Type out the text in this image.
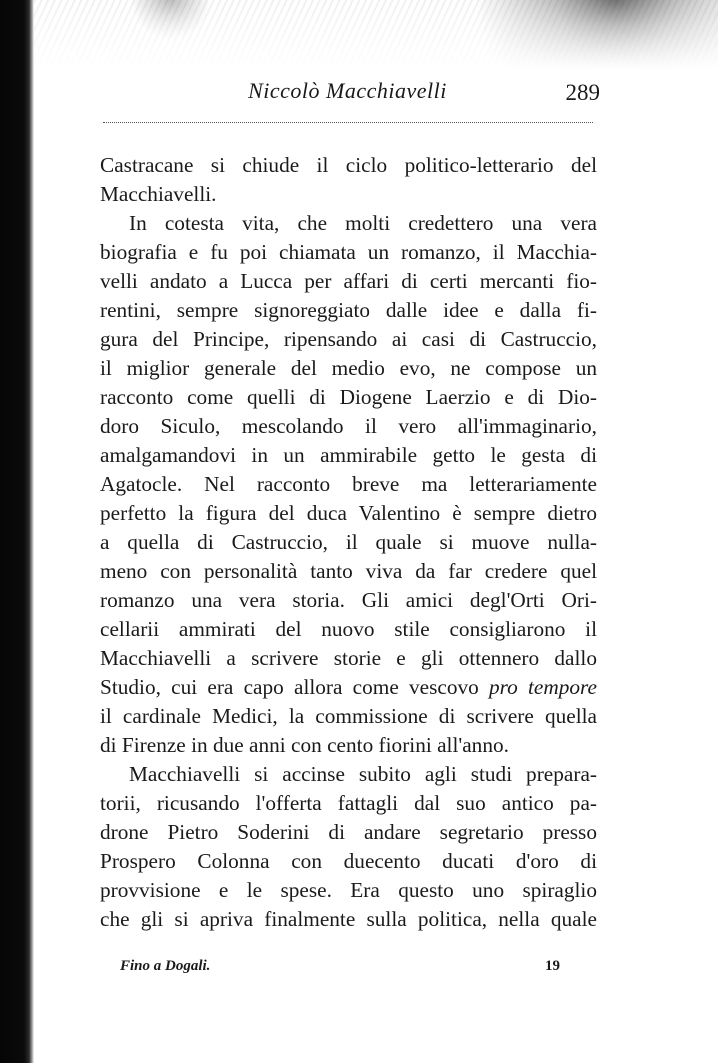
Niccolò Macchiavelli	289
Castracane si chiude il ciclo politico-letterario del
Macchiavelli.
In cotesta vita, che molti credettero una vera
biografia e fu poi chiamata un romanzo, il Macchia-
velli andato a Lucca per affari di certi mercanti fio-
rentini, sempre signoreggiato dalle idee e dalla fi-
gura del Principe, ripensando ai casi di Castruccio,
il miglior generale del medio evo, ne compose un
racconto come quelli di Diogene Laerzio e di Dio-
doro Siculo, mescolando il vero all'immaginario,
amalgamandovi in un ammirabile getto le gesta di
Agatocle. Nel racconto breve ma letterariamente
perfetto la figura del duca Valentino è sempre dietro
a quella di Castruccio, il quale si muove nulla-
meno con personalità tanto viva da far credere quel
romanzo una vera storia. Gli amici degl'Orti Ori-
cellarii ammirati del nuovo stile consigliarono il
Macchiavelli a scrivere storie e gli ottennero dallo
Studio, cui era capo allora come vescovo pro tempore
il cardinale Medici, la commissione di scrivere quella
di Firenze in due anni con cento fiorini all'anno.
Macchiavelli si accinse subito agli studi prepara-
torii, ricusando l'offerta fattagli dal suo antico pa-
drone Pietro Soderini di andare segretario presso
Prospero Colonna con duecento ducati d'oro di
provvisione e le spese. Era questo uno spiraglio
che gli si apriva finalmente sulla politica, nella quale
Fino a Dogali.	19
